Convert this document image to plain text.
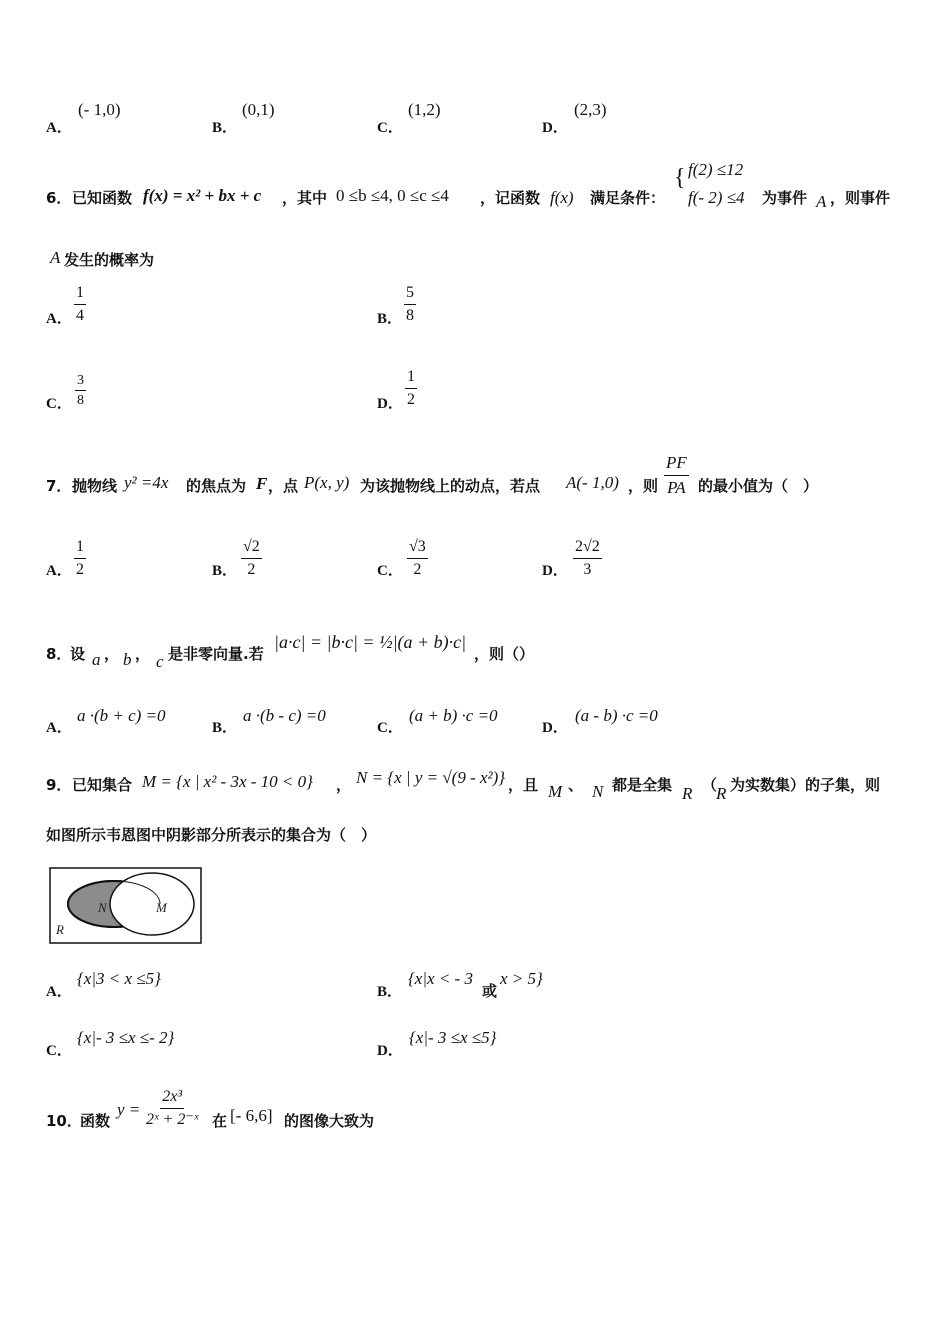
A．
(- 1,0)
B．
(0,1)
C．
(1,2)
D．
(2,3)
6． 已知函数 f(x) = x² + bx + c ，其中 0 ≤b ≤4, 0 ≤c ≤4 ，记函数 f(x) 满足条件：
{ f(2) ≤12
f(- 2) ≤4 为事件 A ，则事件
A 发生的概率为
A． $\frac{1}{4}$	B． $\frac{5}{8}$
C． $\frac{3}{8}$	D． $\frac{1}{2}$
7． 抛物线 y² =4x 的焦点为 F ，点 P(x, y) 为该抛物线上的动点，若点 A(- 1,0) ，则 $\frac{PF}{PA}$ 的最小值为（　）
A． $\frac{1}{2}$	B． $\frac{√2}{2}$	C． $\frac{√3}{2}$	D． $\frac{2√2}{3}$
8．
设 a ， b ， c 是非零向量.若
|a·c| = |b·c| = ½|(a + b)·c|
，则（）
A．
a ·(b + c) =0
B．
a ·(b - c) =0
C．
(a + b) ·c =0
D．
(a - b) ·c =0
9． 已知集合 M = {x | x² - 3x - 10 < 0} ， N = {x | y = √(9 - x²)} ，且 M 、 N 都是全集 R （
R 为实数集）的子集，则
如图所示韦恩图中阴影部分所表示的集合为（　）
N	M
R
A．
{x|3 < x ≤5}
B．
{x|x < - 3
或
x > 5}
C．
{x|- 3 ≤x ≤- 2}
D．
{x|- 3 ≤x ≤5}
10．
函数
$y = \frac{\text{2x³}}{\text{2ˣ + 2⁻ˣ}}$ 在 [- 6,6] 的图像大致为
